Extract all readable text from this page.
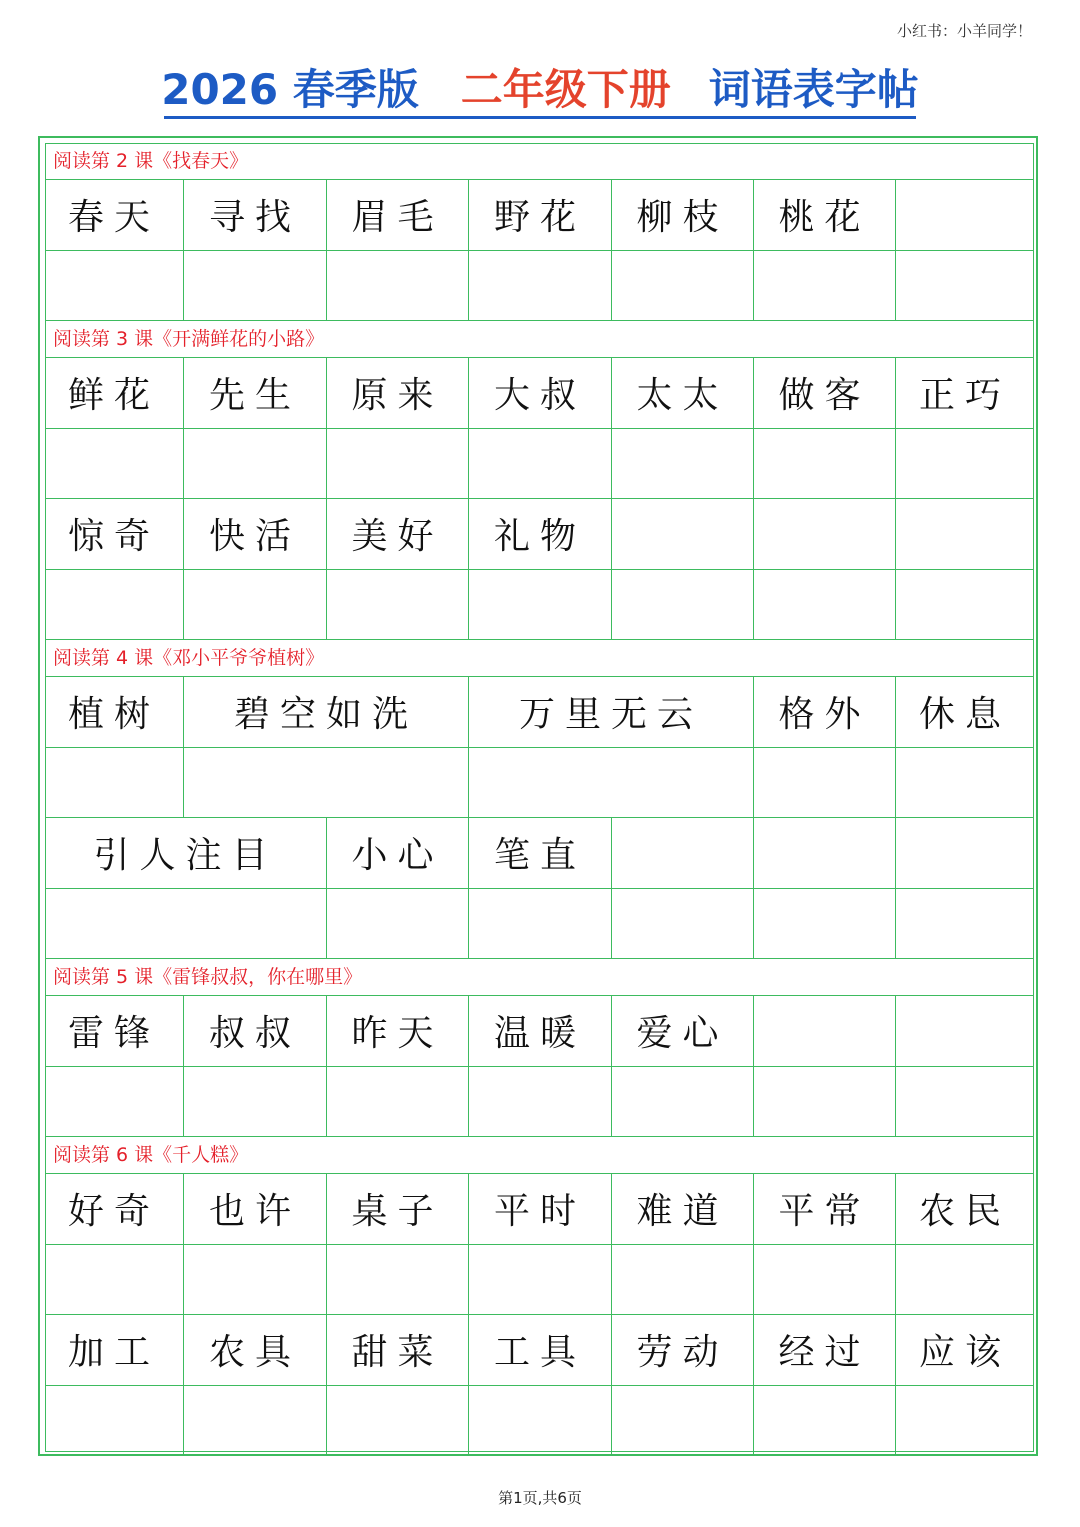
小红书：小羊同学！
2026 春季版 二年级下册 词语表字帖
阅读第 2 课《找春天》
春天	寻找	眉毛	野花	柳枝	桃花
阅读第 3 课《开满鲜花的小路》
鲜花	先生	原来	大叔	太太	做客	正巧
惊奇	快活	美好	礼物
阅读第 4 课《邓小平爷爷植树》
植树	碧空如洗	万里无云	格外	休息
引人注目	小心	笔直
阅读第 5 课《雷锋叔叔，你在哪里》
雷锋	叔叔	昨天	温暖	爱心
阅读第 6 课《千人糕》
好奇	也许	桌子	平时	难道	平常	农民
加工	农具	甜菜	工具	劳动	经过	应该
第1页,共6页
